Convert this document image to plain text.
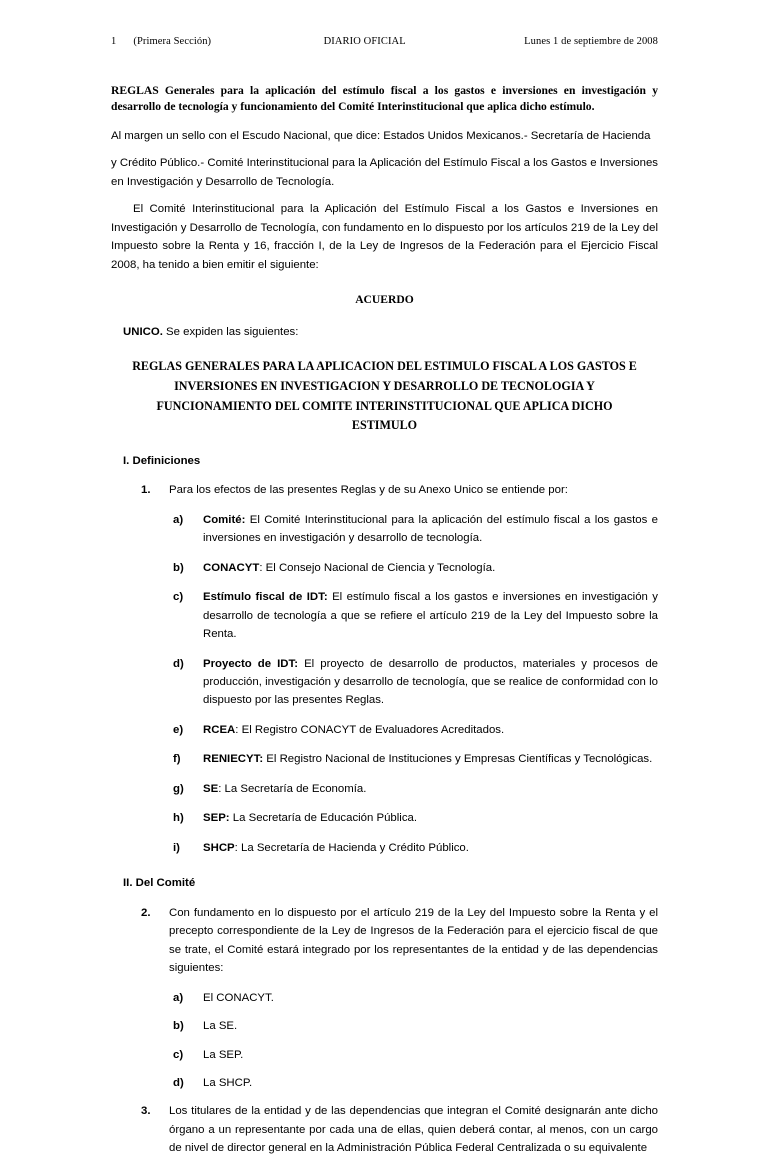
1	(Primera Sección)	DIARIO OFICIAL	Lunes 1 de septiembre de 2008

REGLAS Generales para la aplicación del estímulo fiscal a los gastos e inversiones en investigación y desarrollo de tecnología y funcionamiento del Comité Interinstitucional que aplica dicho estímulo.

Al margen un sello con el Escudo Nacional, que dice: Estados Unidos Mexicanos.- Secretaría de Hacienda

y Crédito Público.- Comité Interinstitucional para la Aplicación del Estímulo Fiscal a los Gastos e Inversiones en Investigación y Desarrollo de Tecnología.

El Comité Interinstitucional para la Aplicación del Estímulo Fiscal a los Gastos e Inversiones en Investigación y Desarrollo de Tecnología, con fundamento en lo dispuesto por los artículos 219 de la Ley del Impuesto sobre la Renta y 16, fracción I, de la Ley de Ingresos de la Federación para el Ejercicio Fiscal 2008, ha tenido a bien emitir el siguiente:

ACUERDO

UNICO. Se expiden las siguientes:

REGLAS GENERALES PARA LA APLICACION DEL ESTIMULO FISCAL A LOS GASTOS E INVERSIONES EN INVESTIGACION Y DESARROLLO DE TECNOLOGIA Y FUNCIONAMIENTO DEL COMITE INTERINSTITUCIONAL QUE APLICA DICHO ESTIMULO

I. Definiciones

1.	Para los efectos de las presentes Reglas y de su Anexo Unico se entiende por:
a)	Comité: El Comité Interinstitucional para la aplicación del estímulo fiscal a los gastos e inversiones en investigación y desarrollo de tecnología.
b)	CONACYT: El Consejo Nacional de Ciencia y Tecnología.
c)	Estímulo fiscal de IDT: El estímulo fiscal a los gastos e inversiones en investigación y desarrollo de tecnología a que se refiere el artículo 219 de la Ley del Impuesto sobre la Renta.
d)	Proyecto de IDT: El proyecto de desarrollo de productos, materiales y procesos de producción, investigación y desarrollo de tecnología, que se realice de conformidad con lo dispuesto por las presentes Reglas.
e)	RCEA: El Registro CONACYT de Evaluadores Acreditados.
f)	RENIECYT: El Registro Nacional de Instituciones y Empresas Científicas y Tecnológicas.
g)	SE: La Secretaría de Economía.
h)	SEP: La Secretaría de Educación Pública.
i)	SHCP: La Secretaría de Hacienda y Crédito Público.

II. Del Comité

2.	Con fundamento en lo dispuesto por el artículo 219 de la Ley del Impuesto sobre la Renta y el precepto correspondiente de la Ley de Ingresos de la Federación para el ejercicio fiscal de que se trate, el Comité estará integrado por los representantes de la entidad y de las dependencias siguientes:
a)	El CONACYT.
b)	La SE.
c)	La SEP.
d)	La SHCP.
3.	Los titulares de la entidad y de las dependencias que integran el Comité designarán ante dicho órgano a un representante por cada una de ellas, quien deberá contar, al menos, con un cargo de nivel de director general en la Administración Pública Federal Centralizada o su equivalente
